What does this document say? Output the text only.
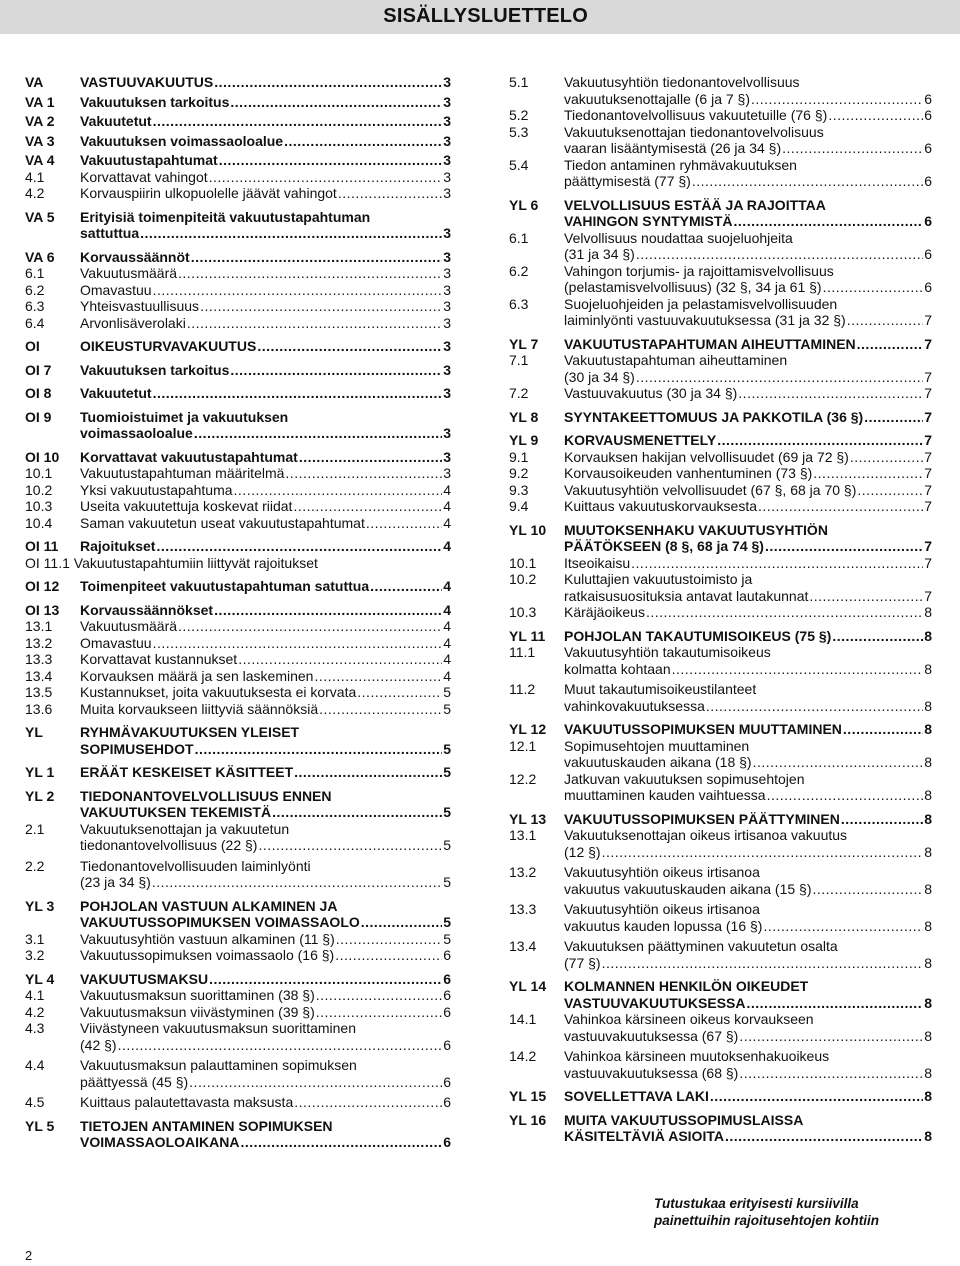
SISÄLLYSLUETTELO
VA	VASTUUVAKUUTUS .....	3
VA 1 Vakuutuksen tarkoitus .....	3
VA 2 Vakuutetut .....	3
VA 3 Vakuutuksen voimassaoloalue .....	3
VA 4 Vakuutustapahtumat .....	3
4.1	Korvattavat vahingot .....	3
4.2	Korvauspiirin ulkopuolelle jäävät vahingot .....	3
VA 5 Erityisiä toimenpiteitä vakuutustapahtuman
sattuttua .....	3
VA 6 Korvaussäännöt .....	3
6.1	Vakuutusmäärä .....	3
6.2	Omavastuu .....	3
6.3	Yhteisvastuullisuus .....	3
6.4	Arvonlisäverolaki .....	3
OI	OIKEUSTURVAVAKUUTUS .....	3
OI 7 Vakuutuksen tarkoitus .....	3
OI 8 Vakuutetut .....	3
OI 9 Tuomioistuimet ja vakuutuksen
voimassaoloalue .....	3
OI 10 Korvattavat vakuutustapahtumat .....	3
10.1 Vakuutustapahtuman määritelmä .....	3
10.2 Yksi vakuutustapahtuma .....	4
10.3 Useita vakuutettuja koskevat riidat .....	4
10.4 Saman vakuutetun useat vakuutustapahtumat .....	4
OI 11 Rajoitukset .....	4
OI 11.1 Vakuutustapahtumiin liittyvät rajoitukset
OI 12 Toimenpiteet vakuutustapahtuman satuttua .....	4
OI 13 Korvaussäännökset .....	4
13.1 Vakuutusmäärä .....	4
13.2 Omavastuu .....	4
13.3 Korvattavat kustannukset .....	4
13.4 Korvauksen määrä ja sen laskeminen .....	4
13.5 Kustannukset, joita vakuutuksesta ei korvata .....	5
13.6 Muita korvaukseen liittyviä säännöksiä .....	5
YL	RYHMÄVAKUUTUKSEN YLEISET
SOPIMUSEHDOT .....	5
YL 1 ERÄÄT KESKEISET KÄSITTEET .....	5
YL 2 TIEDONANTOVELVOLLISUUS ENNEN
VAKUUTUKSEN TEKEMISTÄ .....	5
2.1	Vakuutuksenottajan ja vakuutetun
tiedonantovelvollisuus (22 §) .....	5
2.2	Tiedonantovelvollisuuden laiminlyönti
(23 ja 34 §) .....	5
YL 3 POHJOLAN VASTUUN ALKAMINEN JA
VAKUUTUSSOPIMUKSEN VOIMASSAOLO .....	5
3.1	Vakuutusyhtiön vastuun alkaminen (11 §) .....	5
3.2	Vakuutussopimuksen voimassaolo (16 §) .....	6
YL 4 VAKUUTUSMAKSU .....	6
4.1	Vakuutusmaksun suorittaminen (38 §) .....	6
4.2	Vakuutusmaksun viivästyminen (39 §) .....	6
4.3	Viivästyneen vakuutusmaksun suorittaminen
(42 §) .....	6
4.4	Vakuutusmaksun palauttaminen sopimuksen
päättyessä (45 §) .....	6
4.5	Kuittaus palautettavasta maksusta .....	6
YL 5 TIETOJEN ANTAMINEN SOPIMUKSEN
VOIMASSAOLOAIKANA .....	6
5.1	Vakuutusyhtiön tiedonantovelvollisuus
vakuutuksenottajalle (6 ja 7 §) .....	6
5.2	Tiedonantovelvollisuus vakuutetuille (76 §) .....	6
5.3	Vakuutuksenottajan tiedonantovelvolisuus
vaaran lisääntymisestä (26 ja 34 §) .....	6
5.4	Tiedon antaminen ryhmävakuutuksen
päättymisestä (77 §) .....	6
YL 6 VELVOLLISUUS ESTÄÄ JA RAJOITTAA
VAHINGON SYNTYMISTÄ .....	6
6.1	Velvollisuus noudattaa suojeluohjeita
(31 ja 34 §) .....	6
6.2	Vahingon torjumis- ja rajoittamisvelvollisuus
(pelastamisvelvollisuus) (32 §, 34 ja 61 §) .....	6
6.3	Suojeluohjeiden ja pelastamisvelvollisuuden
laiminlyönti vastuuvakuutuksessa (31 ja 32 §) .....	7
YL 7 VAKUUTUSTAPAHTUMAN AIHEUTTAMINEN .....	7
7.1	Vakuutustapahtuman aiheuttaminen
(30 ja 34 §) .....	7
7.2	Vastuuvakuutus (30 ja 34 §) .....	7
YL 8 SYYNTAKEETTOMUUS JA PAKKOTILA (36 §) .....	7
YL 9 KORVAUSMENETTELY .....	7
9.1	Korvauksen hakijan velvollisuudet (69 ja 72 §) .....	7
9.2	Korvausoikeuden vanhentuminen (73 §) .....	7
9.3	Vakuutusyhtiön velvollisuudet (67 §, 68 ja 70 §) .....	7
9.4	Kuittaus vakuutuskorvauksesta .....	7
YL 10 MUUTOKSENHAKU VAKUUTUSYHTIÖN
PÄÄTÖKSEEN (8 §, 68 ja 74 §) .....	7
10.1 Itseoikaisu .....	7
10.2 Kuluttajien vakuutustoimisto ja
ratkaisusuosituksia antavat lautakunnat .....	7
10.3 Käräjäoikeus .....	8
YL 11 POHJOLAN TAKAUTUMISOIKEUS (75 §) .....	8
11.1 Vakuutusyhtiön takautumisoikeus
kolmatta kohtaan .....	8
11.2 Muut takautumisoikeustilanteet
vahinkovakuutuksessa .....	8
YL 12 VAKUUTUSSOPIMUKSEN MUUTTAMINEN .....	8
12.1 Sopimusehtojen muuttaminen
vakuutuskauden aikana (18 §) .....	8
12.2 Jatkuvan vakuutuksen sopimusehtojen
muuttaminen kauden vaihtuessa .....	8
YL 13 VAKUUTUSSOPIMUKSEN PÄÄTTYMINEN .....	8
13.1 Vakuutuksenottajan oikeus irtisanoa vakuutus
(12 §) .....	8
13.2 Vakuutusyhtiön oikeus irtisanoa
vakuutus vakuutuskauden aikana (15 §) .....	8
13.3 Vakuutusyhtiön oikeus irtisanoa
vakuutus kauden lopussa (16 §) .....	8
13.4 Vakuutuksen päättyminen vakuutetun osalta
(77 §) .....	8
YL 14 KOLMANNEN HENKILÖN OIKEUDET
VASTUUVAKUUTUKSESSA .....	8
14.1 Vahinkoa kärsineen oikeus korvaukseen
vastuuvakuutuksessa (67 §) .....	8
14.2 Vahinkoa kärsineen muutoksenhakuoikeus
vastuuvakuutuksessa (68 §) .....	8
YL 15 SOVELLETTAVA LAKI .....	8
YL 16 MUITA VAKUUTUSSOPIMUSLAISSA
KÄSITELTÄVIÄ ASIOITA .....	8
Tutustukaa erityisesti kursiivilla
painettuihin rajoitusehtojen kohtiin
2
